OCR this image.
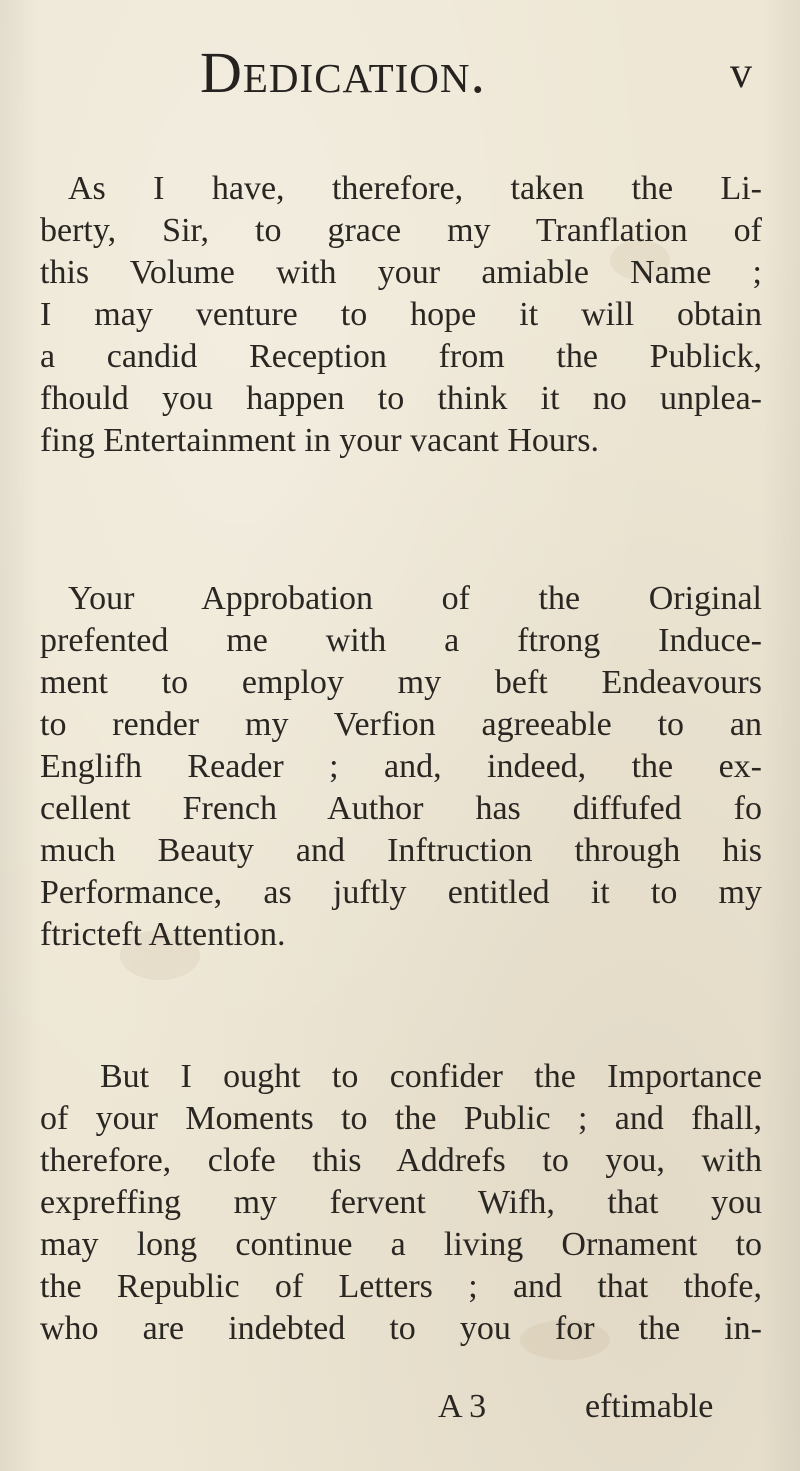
Dedication.	v
As I have, therefore, taken the Li-
berty, Sir, to grace my Tranflation of
this Volume with your amiable Name ;
I may venture to hope it will obtain
a candid Reception from the Publick,
fhould you happen to think it no unplea-
fing Entertainment in your vacant Hours.
Your Approbation of the Original
prefented me with a ftrong Induce-
ment to employ my beft Endeavours
to render my Verfion agreeable to an
Englifh Reader ; and, indeed, the ex-
cellent French Author has diffufed fo
much Beauty and Inftruction through his
Performance, as juftly entitled it to my
ftricteft Attention.
But I ought to confider the Importance
of your Moments to the Public ; and fhall,
therefore, clofe this Addrefs to you, with
expreffing my fervent Wifh, that you
may long continue a living Ornament to
the Republic of Letters ; and that thofe,
who are indebted to you for the in-
A 3	eftimable
